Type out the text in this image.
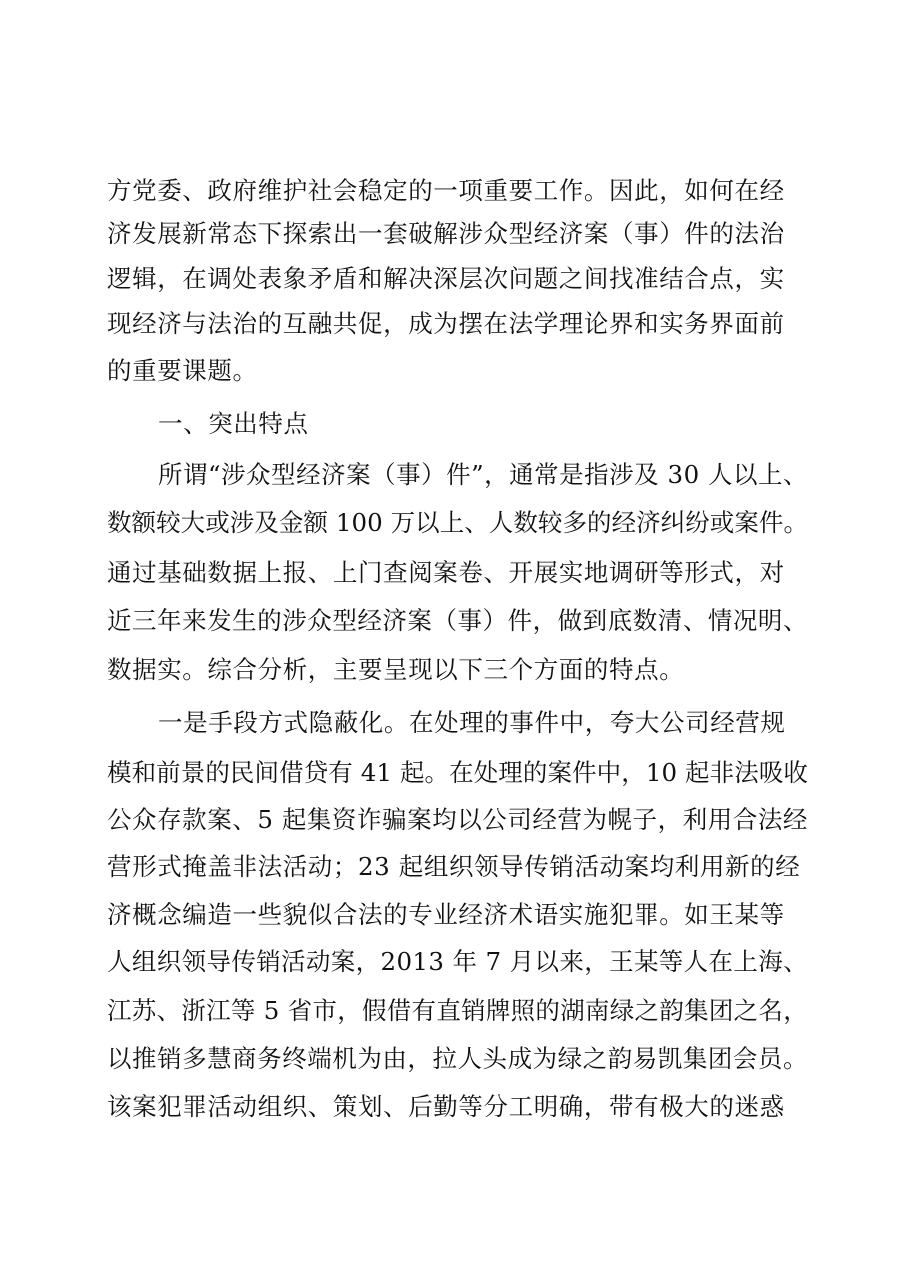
方党委、政府维护社会稳定的一项重要工作。因此，如何在经
济发展新常态下探索出一套破解涉众型经济案（事）件的法治
逻辑，在调处表象矛盾和解决深层次问题之间找准结合点，实
现经济与法治的互融共促，成为摆在法学理论界和实务界面前
的重要课题。
一、突出特点
所谓“涉众型经济案（事）件”，通常是指涉及 30 人以上、
数额较大或涉及金额 100 万以上、人数较多的经济纠纷或案件。
通过基础数据上报、上门查阅案卷、开展实地调研等形式，对
近三年来发生的涉众型经济案（事）件，做到底数清、情况明、
数据实。综合分析，主要呈现以下三个方面的特点。
一是手段方式隐蔽化。在处理的事件中，夸大公司经营规
模和前景的民间借贷有 41 起。在处理的案件中，10 起非法吸收
公众存款案、5 起集资诈骗案均以公司经营为幌子，利用合法经
营形式掩盖非法活动；23 起组织领导传销活动案均利用新的经
济概念编造一些貌似合法的专业经济术语实施犯罪。如王某等
人组织领导传销活动案，2013 年 7 月以来，王某等人在上海、
江苏、浙江等 5 省市，假借有直销牌照的湖南绿之韵集团之名，
以推销多慧商务终端机为由，拉人头成为绿之韵易凯集团会员。
该案犯罪活动组织、策划、后勤等分工明确，带有极大的迷惑
